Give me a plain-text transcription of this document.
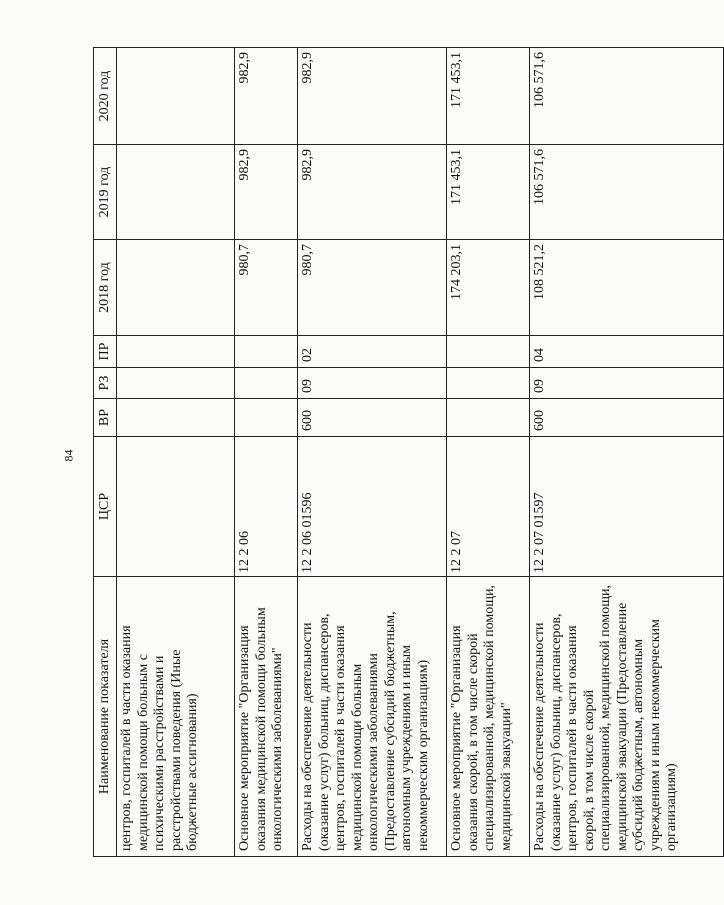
84
Наименование показателя	ЦСР	ВР	РЗ	ПР	2018 год	2019 год	2020 год
центров, госпиталей в части оказания медицинской помощи больным с психическими расстройствами и расстройствами поведения (Иные бюджетные ассигнования)							
Основное мероприятие "Организация оказания медицинской помощи больным онкологическими заболеваниями"	12 2 06				980,7	982,9	982,9
Расходы на обеспечение деятельности (оказание услуг) больниц, диспансеров, центров, госпиталей в части оказания медицинской помощи больным онкологическими заболеваниями (Предоставление субсидий бюджетным, автономным учреждениям и иным некоммерческим организациям)	12 2 06 01596	600	09	02	980,7	982,9	982,9
Основное мероприятие "Организация оказания скорой, в том числе скорой специализированной, медицинской помощи, медицинской эвакуации"	12 2 07				174 203,1	171 453,1	171 453,1
Расходы на обеспечение деятельности (оказание услуг) больниц, диспансеров, центров, госпиталей в части оказания скорой, в том числе скорой специализированной, медицинской помощи, медицинской эвакуации (Предоставление субсидий бюджетным, автономным учреждениям и иным некоммерческим организациям)	12 2 07 01597	600	09	04	108 521,2	106 571,6	106 571,6
